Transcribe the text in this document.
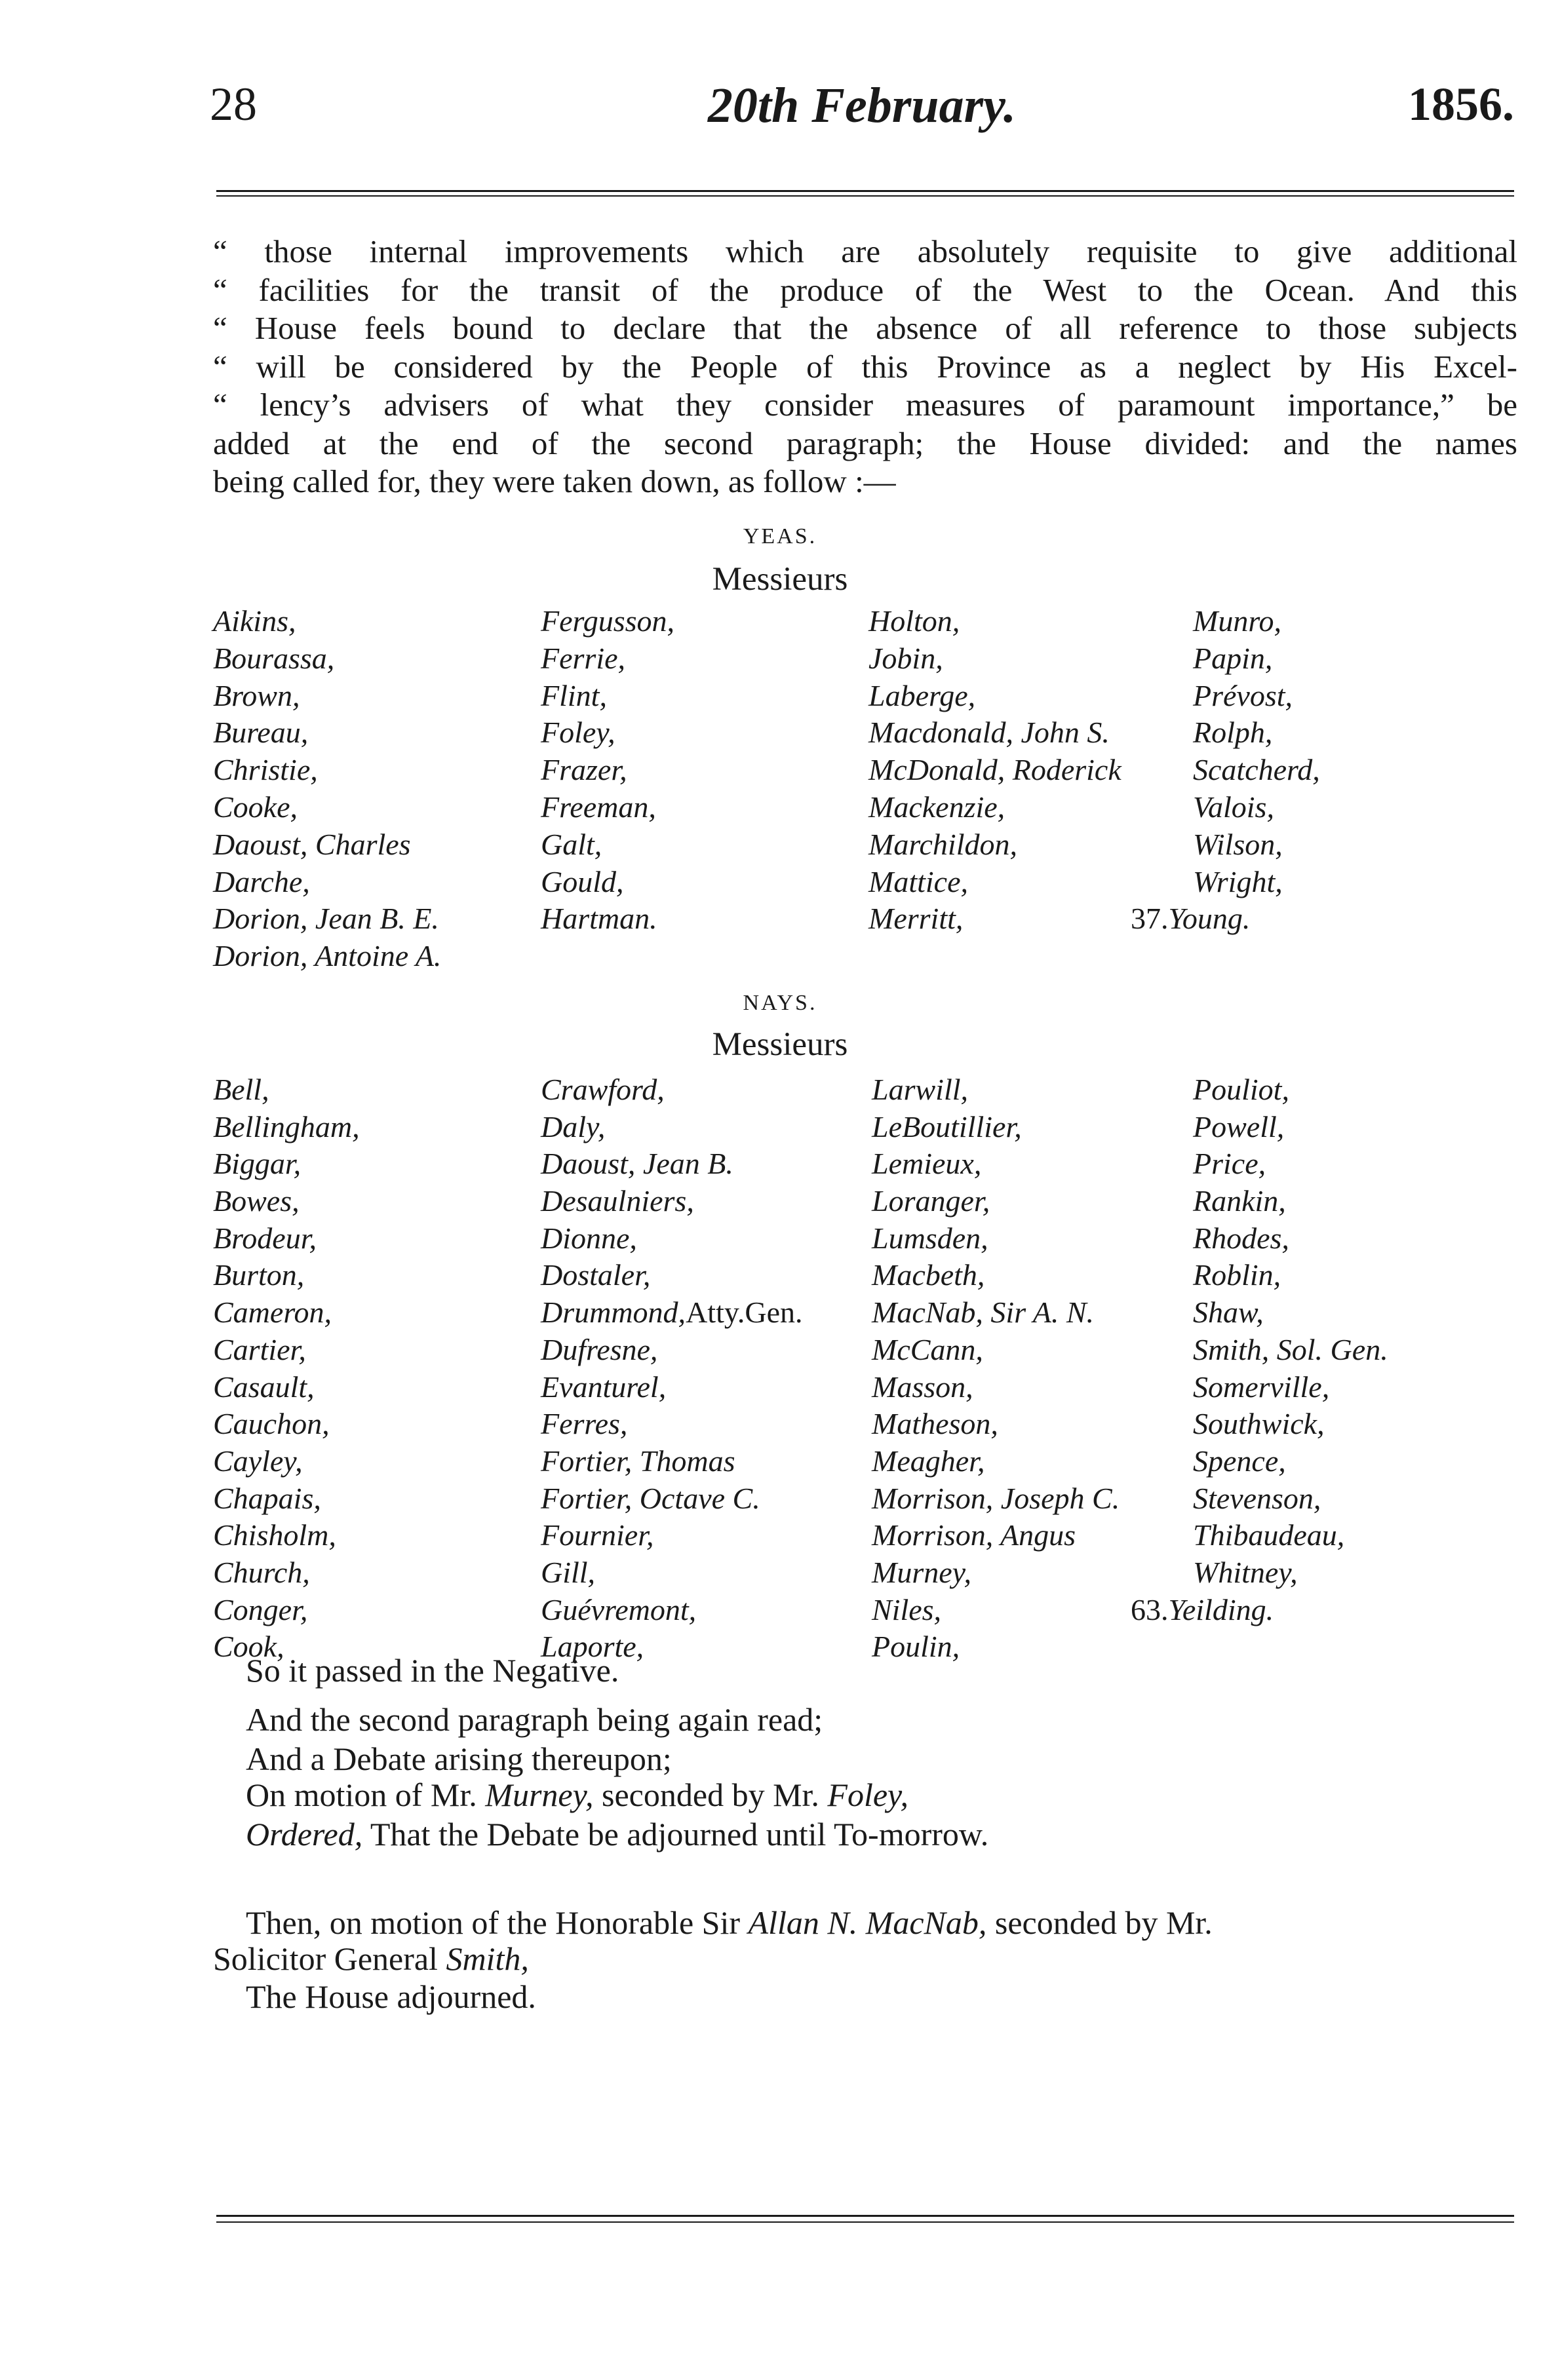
28	20th February.	1856.
“ those internal improvements which are absolutely requisite to give additional
“ facilities for the transit of the produce of the West to the Ocean. And this
“ House feels bound to declare that the absence of all reference to those subjects
“ will be considered by the People of this Province as a neglect by His Excel-
“ lency’s advisers of what they consider measures of paramount importance,” be
added at the end of the second paragraph; the House divided: and the names
being called for, they were taken down, as follow :—
YEAS.
Messieurs
Aikins,
Bourassa,
Brown,
Bureau,
Christie,
Cooke,
Daoust, Charles
Darche,
Dorion, Jean B. E.
Dorion, Antoine A.
Fergusson,
Ferrie,
Flint,
Foley,
Frazer,
Freeman,
Galt,
Gould,
Hartman.
Holton,
Jobin,
Laberge,
Macdonald, John S.
McDonald, Roderick
Mackenzie,
Marchildon,
Mattice,
Merritt,
Munro,
Papin,
Prévost,
Rolph,
Scatcherd,
Valois,
Wilson,
Wright,
37.Young.
NAYS.
Messieurs
Bell,
Bellingham,
Biggar,
Bowes,
Brodeur,
Burton,
Cameron,
Cartier,
Casault,
Cauchon,
Cayley,
Chapais,
Chisholm,
Church,
Conger,
Cook,
Crawford,
Daly,
Daoust, Jean B.
Desaulniers,
Dionne,
Dostaler,
Drummond,Atty.Gen.
Dufresne,
Evanturel,
Ferres,
Fortier, Thomas
Fortier, Octave C.
Fournier,
Gill,
Guévremont,
Laporte,
Larwill,
LeBoutillier,
Lemieux,
Loranger,
Lumsden,
Macbeth,
MacNab, Sir A. N.
McCann,
Masson,
Matheson,
Meagher,
Morrison, Joseph C.
Morrison, Angus
Murney,
Niles,
Poulin,
Pouliot,
Powell,
Price,
Rankin,
Rhodes,
Roblin,
Shaw,
Smith, Sol. Gen.
Somerville,
Southwick,
Spence,
Stevenson,
Thibaudeau,
Whitney,
63.Yeilding.
So it passed in the Negative.
And the second paragraph being again read;
And a Debate arising thereupon;
On motion of Mr. Murney, seconded by Mr. Foley,
Ordered, That the Debate be adjourned until To-morrow.
Then, on motion of the Honorable Sir Allan N. MacNab, seconded by Mr.
Solicitor General Smith,
The House adjourned.
